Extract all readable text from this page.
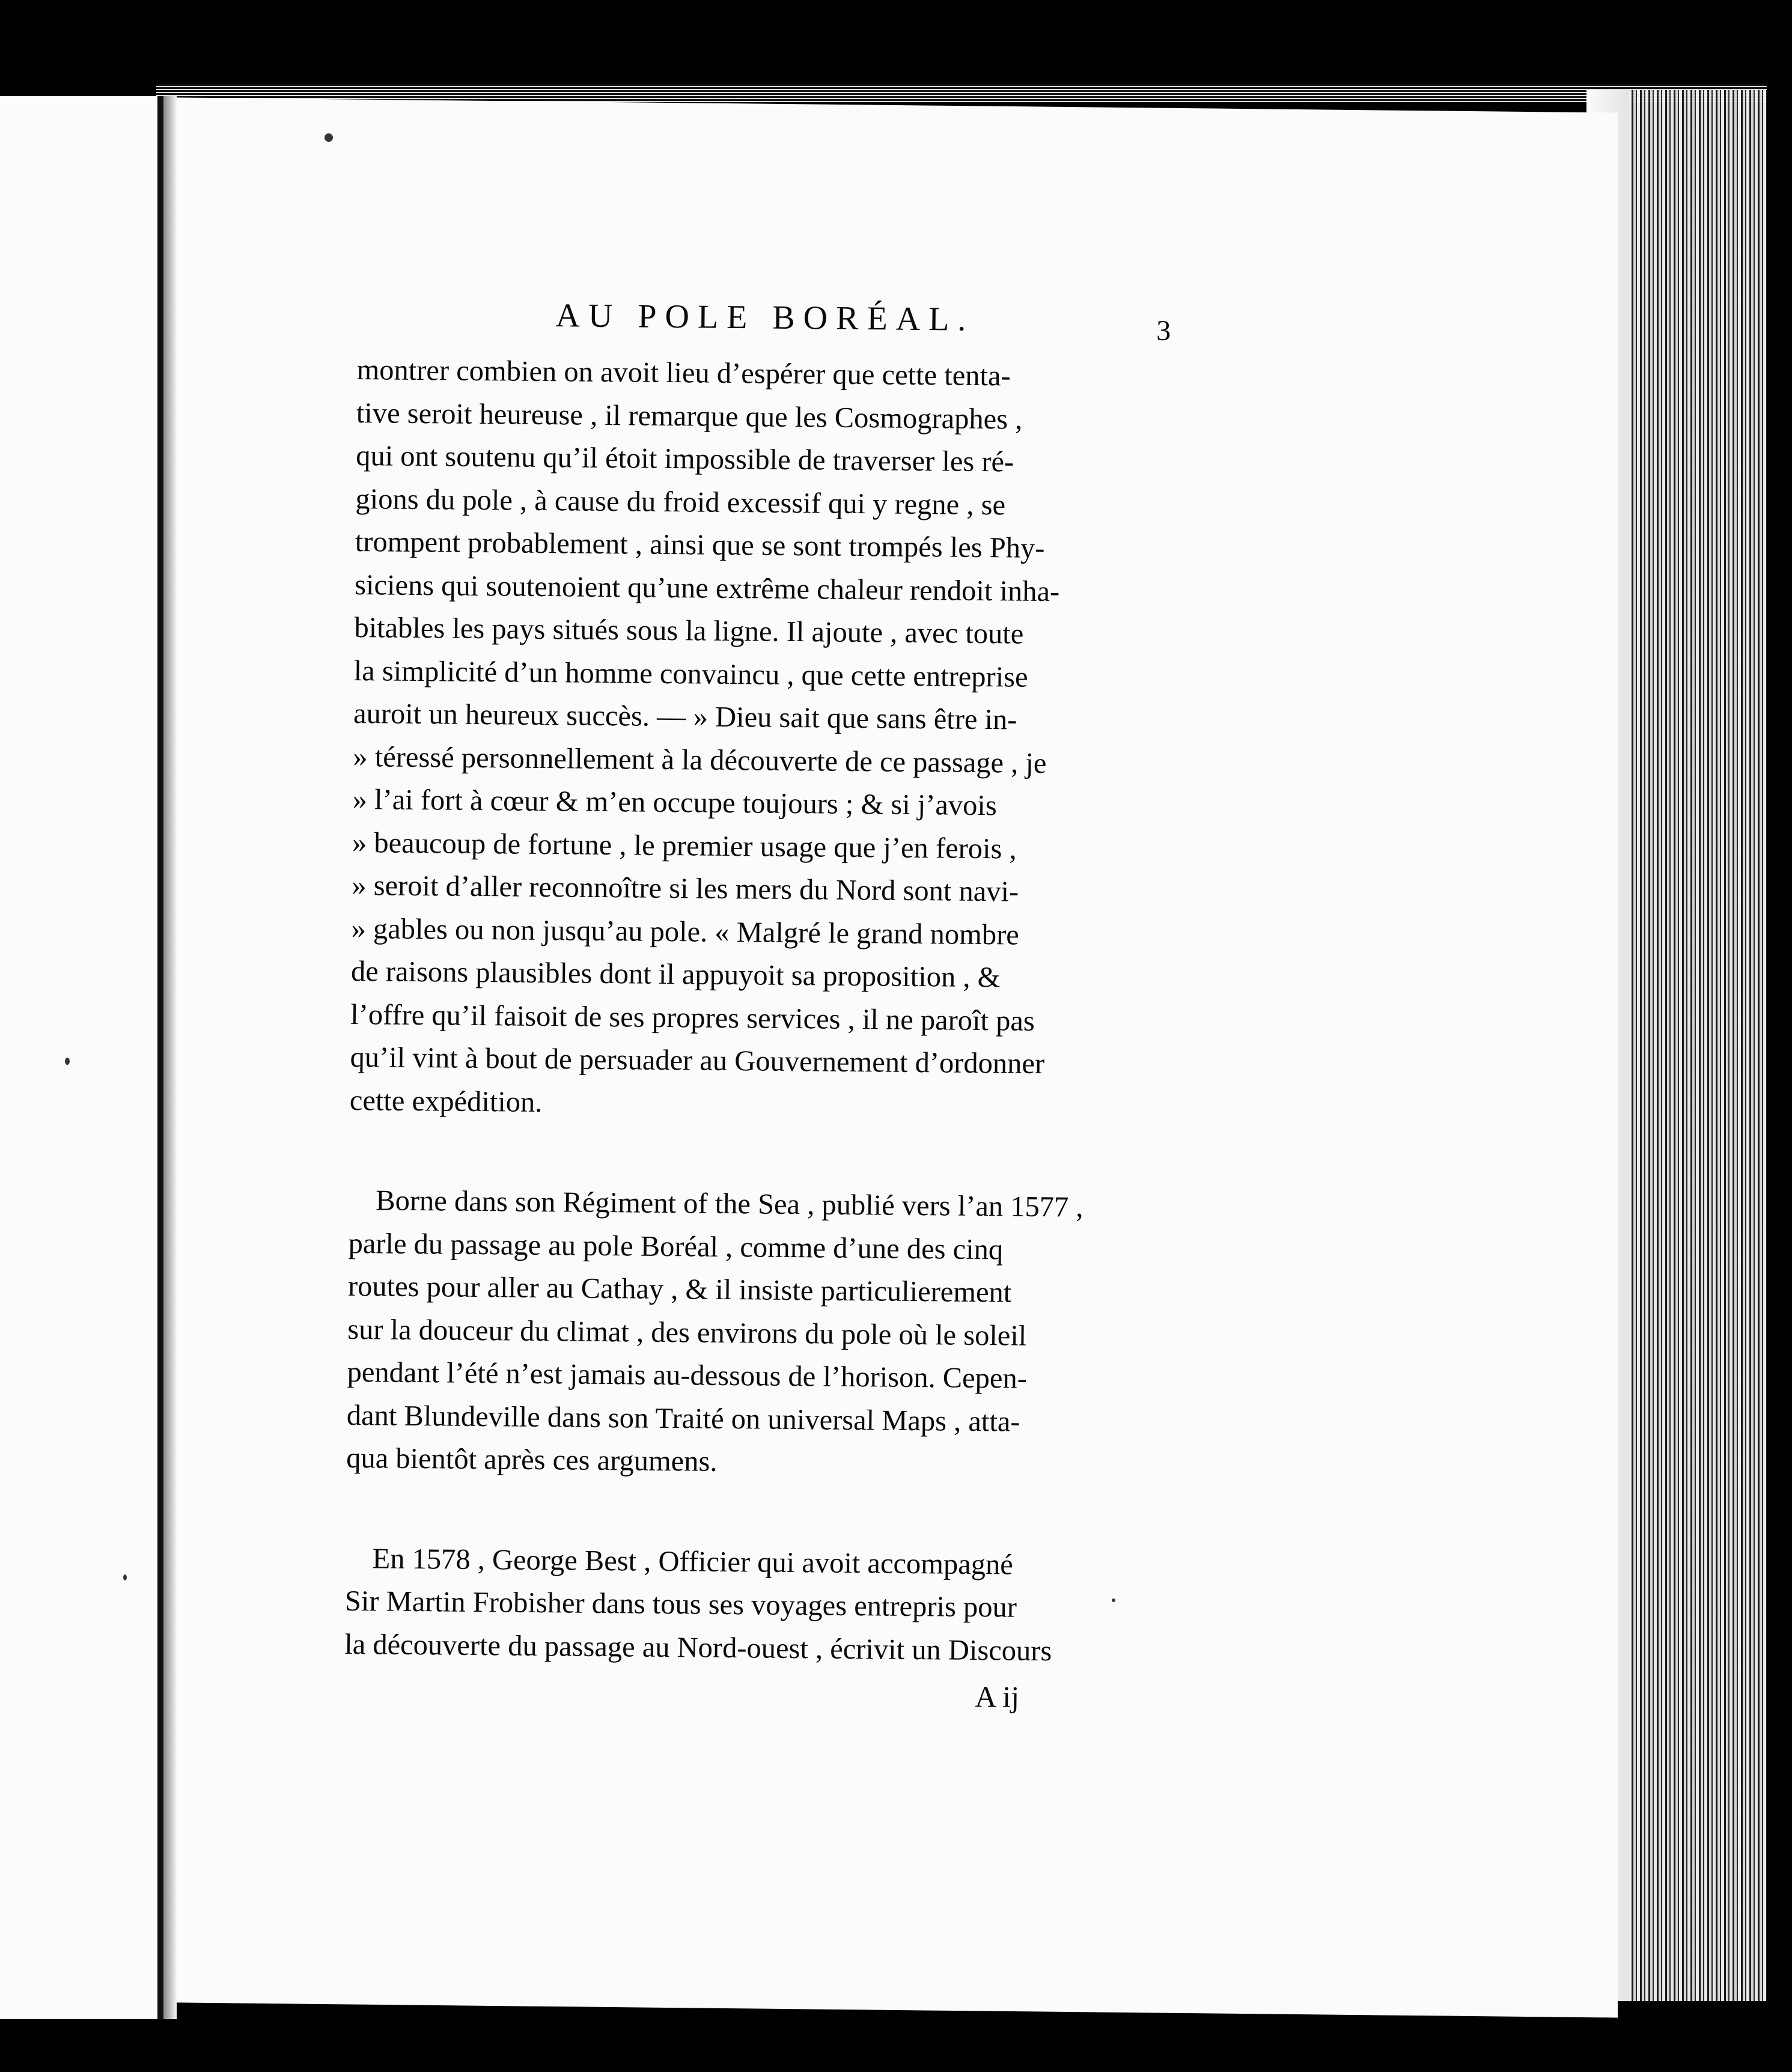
AU POLE BORÉAL.	3
montrer combien on avoit lieu d’espérer que cette tenta-
tive seroit heureuse , il remarque que les Cosmographes ,
qui ont soutenu qu’il étoit impossible de traverser les ré-
gions du pole , à cause du froid excessif qui y regne , se
trompent probablement , ainsi que se sont trompés les Phy-
siciens qui soutenoient qu’une extrême chaleur rendoit inha-
bitables les pays situés sous la ligne. Il ajoute , avec toute
la simplicité d’un homme convaincu , que cette entreprise
auroit un heureux succès. — » Dieu sait que sans être in-
» téressé personnellement à la découverte de ce passage , je
» l’ai fort à cœur & m’en occupe toujours ; & si j’avois
» beaucoup de fortune , le premier usage que j’en ferois ,
» seroit d’aller reconnoître si les mers du Nord sont navi-
» gables ou non jusqu’au pole. « Malgré le grand nombre
de raisons plausibles dont il appuyoit sa proposition , &
l’offre qu’il faisoit de ses propres services , il ne paroît pas
qu’il vint à bout de persuader au Gouvernement d’ordonner
cette expédition.
Borne dans son Régiment of the Sea , publié vers l’an 1577 ,
parle du passage au pole Boréal , comme d’une des cinq
routes pour aller au Cathay , & il insiste particulierement
sur la douceur du climat , des environs du pole où le soleil
pendant l’été n’est jamais au-dessous de l’horison. Cepen-
dant Blundeville dans son Traité on universal Maps , atta-
qua bientôt après ces argumens.
En 1578 , George Best , Officier qui avoit accompagné
Sir Martin Frobisher dans tous ses voyages entrepris pour
la découverte du passage au Nord-ouest , écrivit un Discours
A ij
